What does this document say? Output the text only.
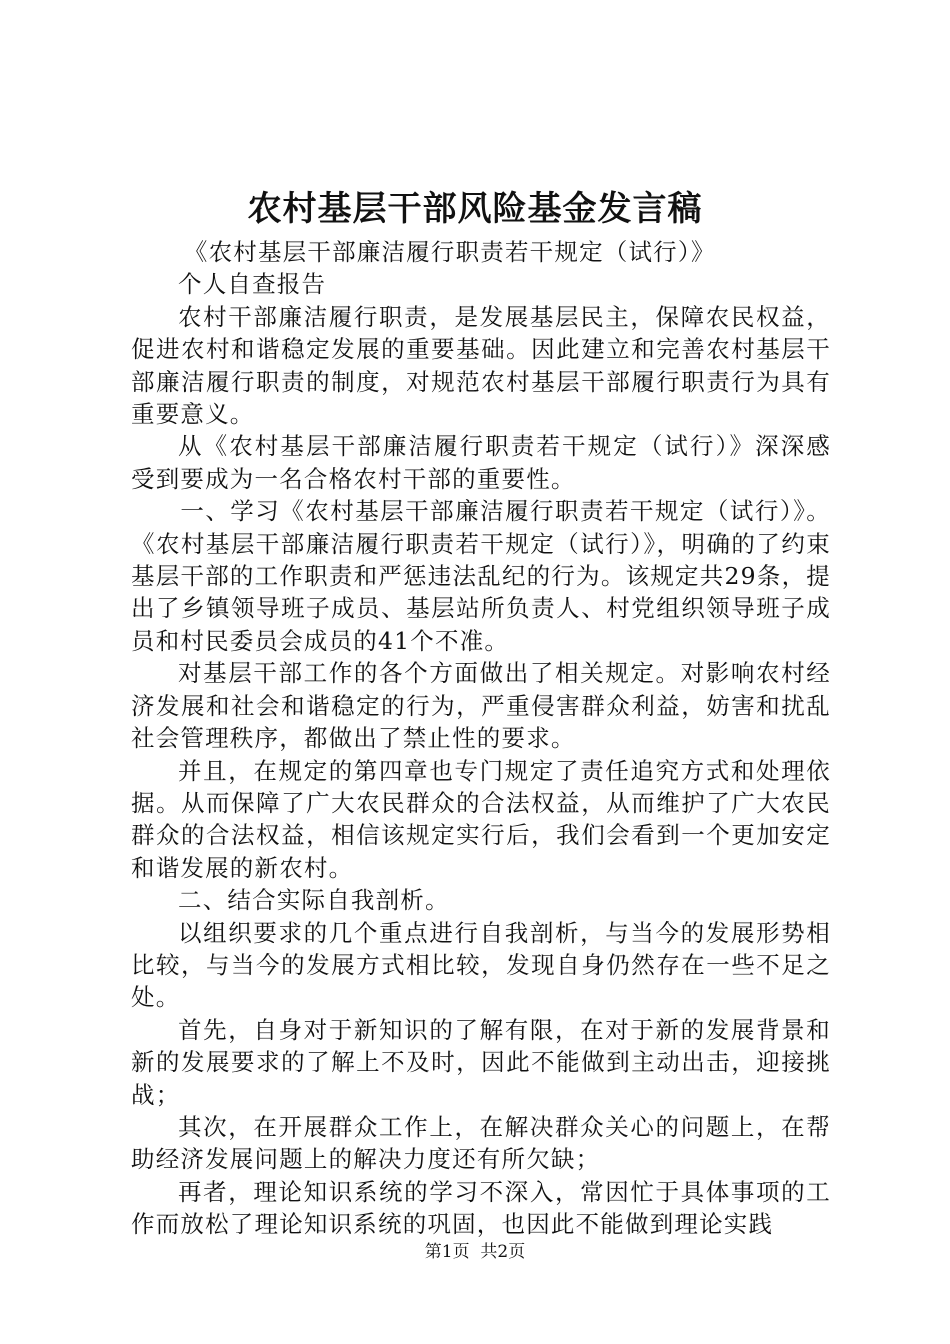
农村基层干部风险基金发言稿

《农村基层干部廉洁履行职责若干规定（试行）》

个人自查报告

农村干部廉洁履行职责，是发展基层民主，保障农民权益，促进农村和谐稳定发展的重要基础。因此建立和完善农村基层干部廉洁履行职责的制度，对规范农村基层干部履行职责行为具有重要意义。

从《农村基层干部廉洁履行职责若干规定（试行）》深深感受到要成为一名合格农村干部的重要性。

一、学习《农村基层干部廉洁履行职责若干规定（试行）》。《农村基层干部廉洁履行职责若干规定（试行）》，明确的了约束基层干部的工作职责和严惩违法乱纪的行为。该规定共29条，提出了乡镇领导班子成员、基层站所负责人、村党组织领导班子成员和村民委员会成员的41个不准。

对基层干部工作的各个方面做出了相关规定。对影响农村经济发展和社会和谐稳定的行为，严重侵害群众利益，妨害和扰乱社会管理秩序，都做出了禁止性的要求。

并且，在规定的第四章也专门规定了责任追究方式和处理依据。从而保障了广大农民群众的合法权益，从而维护了广大农民群众的合法权益，相信该规定实行后，我们会看到一个更加安定和谐发展的新农村。

二、结合实际自我剖析。

以组织要求的几个重点进行自我剖析，与当今的发展形势相比较，与当今的发展方式相比较，发现自身仍然存在一些不足之处。

首先，自身对于新知识的了解有限，在对于新的发展背景和新的发展要求的了解上不及时，因此不能做到主动出击，迎接挑战；

其次，在开展群众工作上，在解决群众关心的问题上，在帮助经济发展问题上的解决力度还有所欠缺；

再者，理论知识系统的学习不深入，常因忙于具体事项的工作而放松了理论知识系统的巩固，也因此不能做到理论实践

第1页  共2页
